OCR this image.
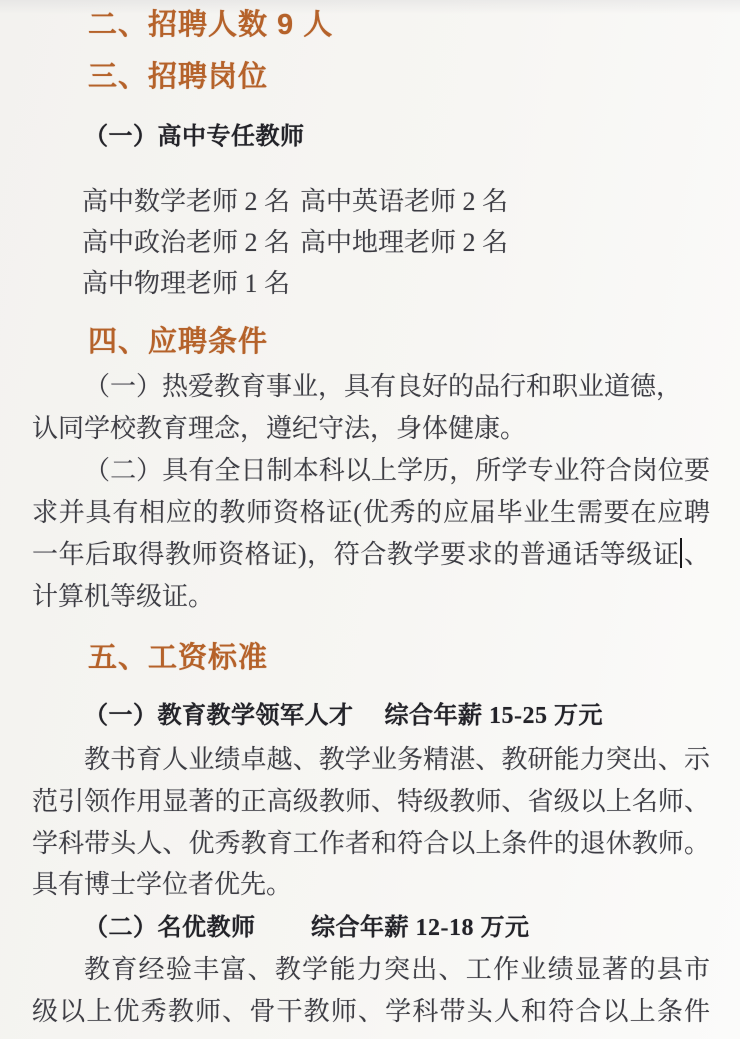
二、招聘人数 9 人
三、招聘岗位
（一）高中专任教师
高中数学老师 2 名 高中英语老师 2 名
高中政治老师 2 名 高中地理老师 2 名
高中物理老师 1 名
四、应聘条件
（一）热爱教育事业，具有良好的品行和职业道德，
认同学校教育理念，遵纪守法，身体健康。
（二）具有全日制本科以上学历，所学专业符合岗位要
求并具有相应的教师资格证(优秀的应届毕业生需要在应聘
一年后取得教师资格证)，符合教学要求的普通话等级证 、
计算机等级证。
五、工资标准
（一）教育教学领军人才　 综合年薪 15-25 万元
教书育人业绩卓越、教学业务精湛、教研能力突出、示
范引领作用显著的正高级教师、特级教师、省级以上名师、
学科带头人、优秀教育工作者和符合以上条件的退休教师。
具有博士学位者优先。
（二）名优教师　　 综合年薪 12-18 万元
教育经验丰富、教学能力突出、工作业绩显著的县市
级以上优秀教师、骨干教师、学科带头人和符合以上条件
